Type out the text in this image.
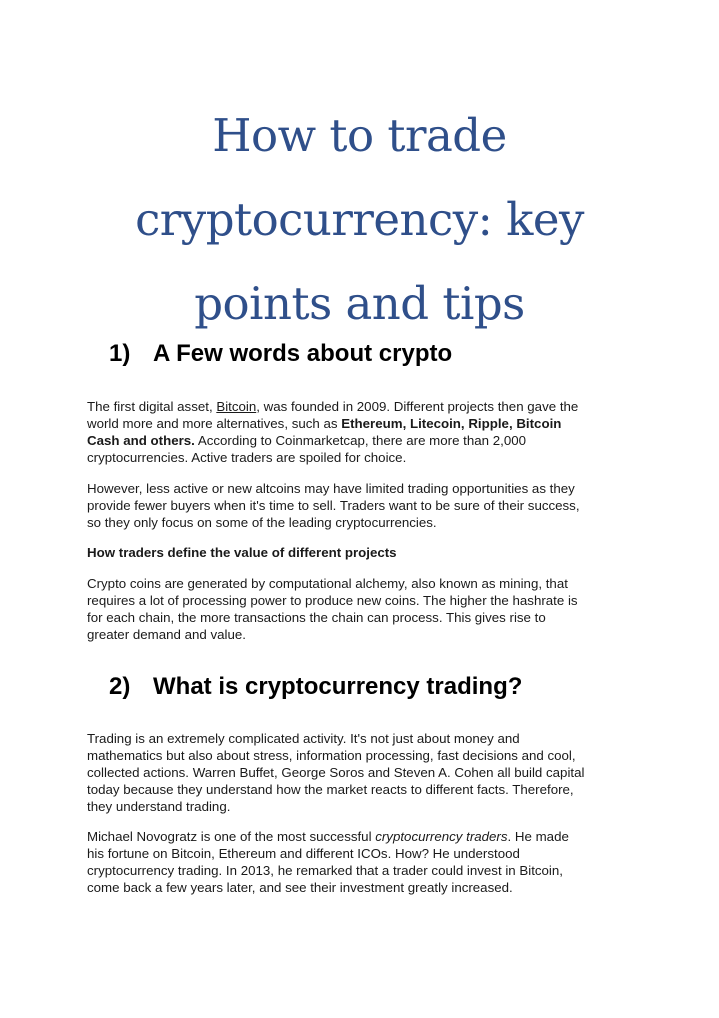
How to trade
cryptocurrency: key
points and tips
1) A Few words about crypto

The first digital asset, Bitcoin, was founded in 2009. Different projects then gave the
world more and more alternatives, such as Ethereum, Litecoin, Ripple, Bitcoin
Cash and others. According to Coinmarketcap, there are more than 2,000
cryptocurrencies. Active traders are spoiled for choice.

However, less active or new altcoins may have limited trading opportunities as they
provide fewer buyers when it's time to sell. Traders want to be sure of their success,
so they only focus on some of the leading cryptocurrencies.

How traders define the value of different projects

Crypto coins are generated by computational alchemy, also known as mining, that
requires a lot of processing power to produce new coins. The higher the hashrate is
for each chain, the more transactions the chain can process. This gives rise to
greater demand and value.

2) What is cryptocurrency trading?

Trading is an extremely complicated activity. It's not just about money and
mathematics but also about stress, information processing, fast decisions and cool,
collected actions. Warren Buffet, George Soros and Steven A. Cohen all build capital
today because they understand how the market reacts to different facts. Therefore,
they understand trading.

Michael Novogratz is one of the most successful cryptocurrency traders. He made
his fortune on Bitcoin, Ethereum and different ICOs. How? He understood
cryptocurrency trading. In 2013, he remarked that a trader could invest in Bitcoin,
come back a few years later, and see their investment greatly increased.
